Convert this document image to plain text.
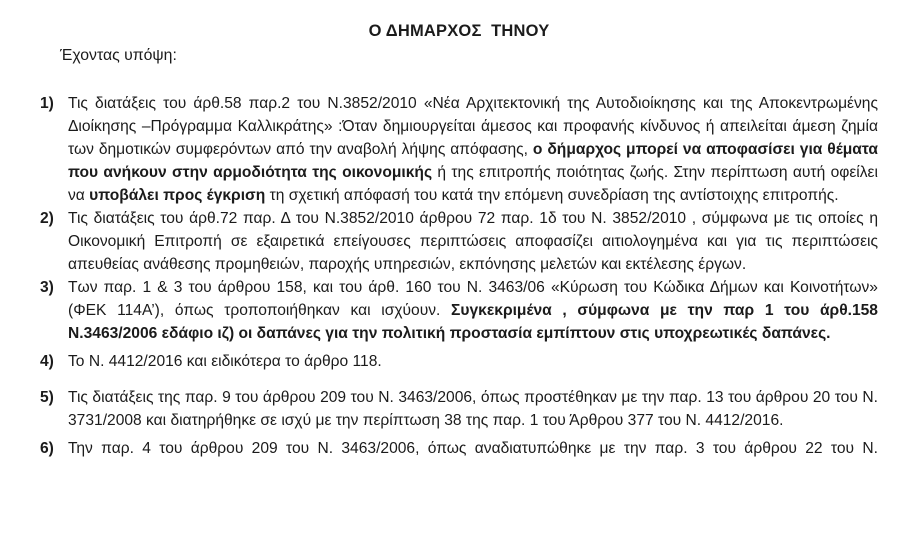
Ο ΔΗΜΑΡΧΟΣ  ΤΗΝΟΥ
Έχοντας υπόψη:
1) Τις διατάξεις του άρθ.58 παρ.2 του Ν.3852/2010 «Νέα Αρχιτεκτονική της Αυτοδιοίκησης και της Αποκεντρωμένης Διοίκησης –Πρόγραμμα Καλλικράτης» :Όταν δημιουργείται άμεσος και προφανής κίνδυνος ή απειλείται άμεση ζημία των δημοτικών συμφερόντων από την αναβολή λήψης απόφασης, ο δήμαρχος μπορεί να αποφασίσει για θέματα που ανήκουν στην αρμοδιότητα της οικονομικής ή της επιτροπής ποιότητας ζωής. Στην περίπτωση αυτή οφείλει να υποβάλει προς έγκριση τη σχετική απόφασή του κατά την επόμενη συνεδρίαση της αντίστοιχης επιτροπής.
2) Τις διατάξεις του άρθ.72 παρ. Δ του Ν.3852/2010 άρθρου 72 παρ. 1δ του Ν. 3852/2010 , σύμφωνα με τις οποίες η Οικονομική Επιτροπή σε εξαιρετικά επείγουσες περιπτώσεις αποφασίζει αιτιολογημένα και για τις περιπτώσεις απευθείας ανάθεσης προμηθειών, παροχής υπηρεσιών, εκπόνησης μελετών και εκτέλεσης έργων.
3) Των παρ. 1 & 3 του άρθρου 158, και του άρθ. 160 του Ν. 3463/06 «Κύρωση του Κώδικα Δήμων και Κοινοτήτων» (ΦΕΚ 114Α’), όπως τροποποιήθηκαν και ισχύουν. Συγκεκριμένα , σύμφωνα με την παρ 1 του άρθ.158 Ν.3463/2006 εδάφιο ιζ) οι δαπάνες για την πολιτική προστασία εμπίπτουν στις υποχρεωτικές δαπάνες.
4) Το Ν. 4412/2016 και ειδικότερα το άρθρο 118.
5) Τις διατάξεις της παρ. 9 του άρθρου 209 του Ν. 3463/2006, όπως προστέθηκαν με την παρ. 13 του άρθρου 20 του Ν. 3731/2008 και διατηρήθηκε σε ισχύ με την περίπτωση 38 της παρ. 1 του Άρθρου 377 του Ν. 4412/2016.
6) Την παρ. 4 του άρθρου 209 του Ν. 3463/2006, όπως αναδιατυπώθηκε με την παρ. 3 του άρθρου 22 του Ν.
